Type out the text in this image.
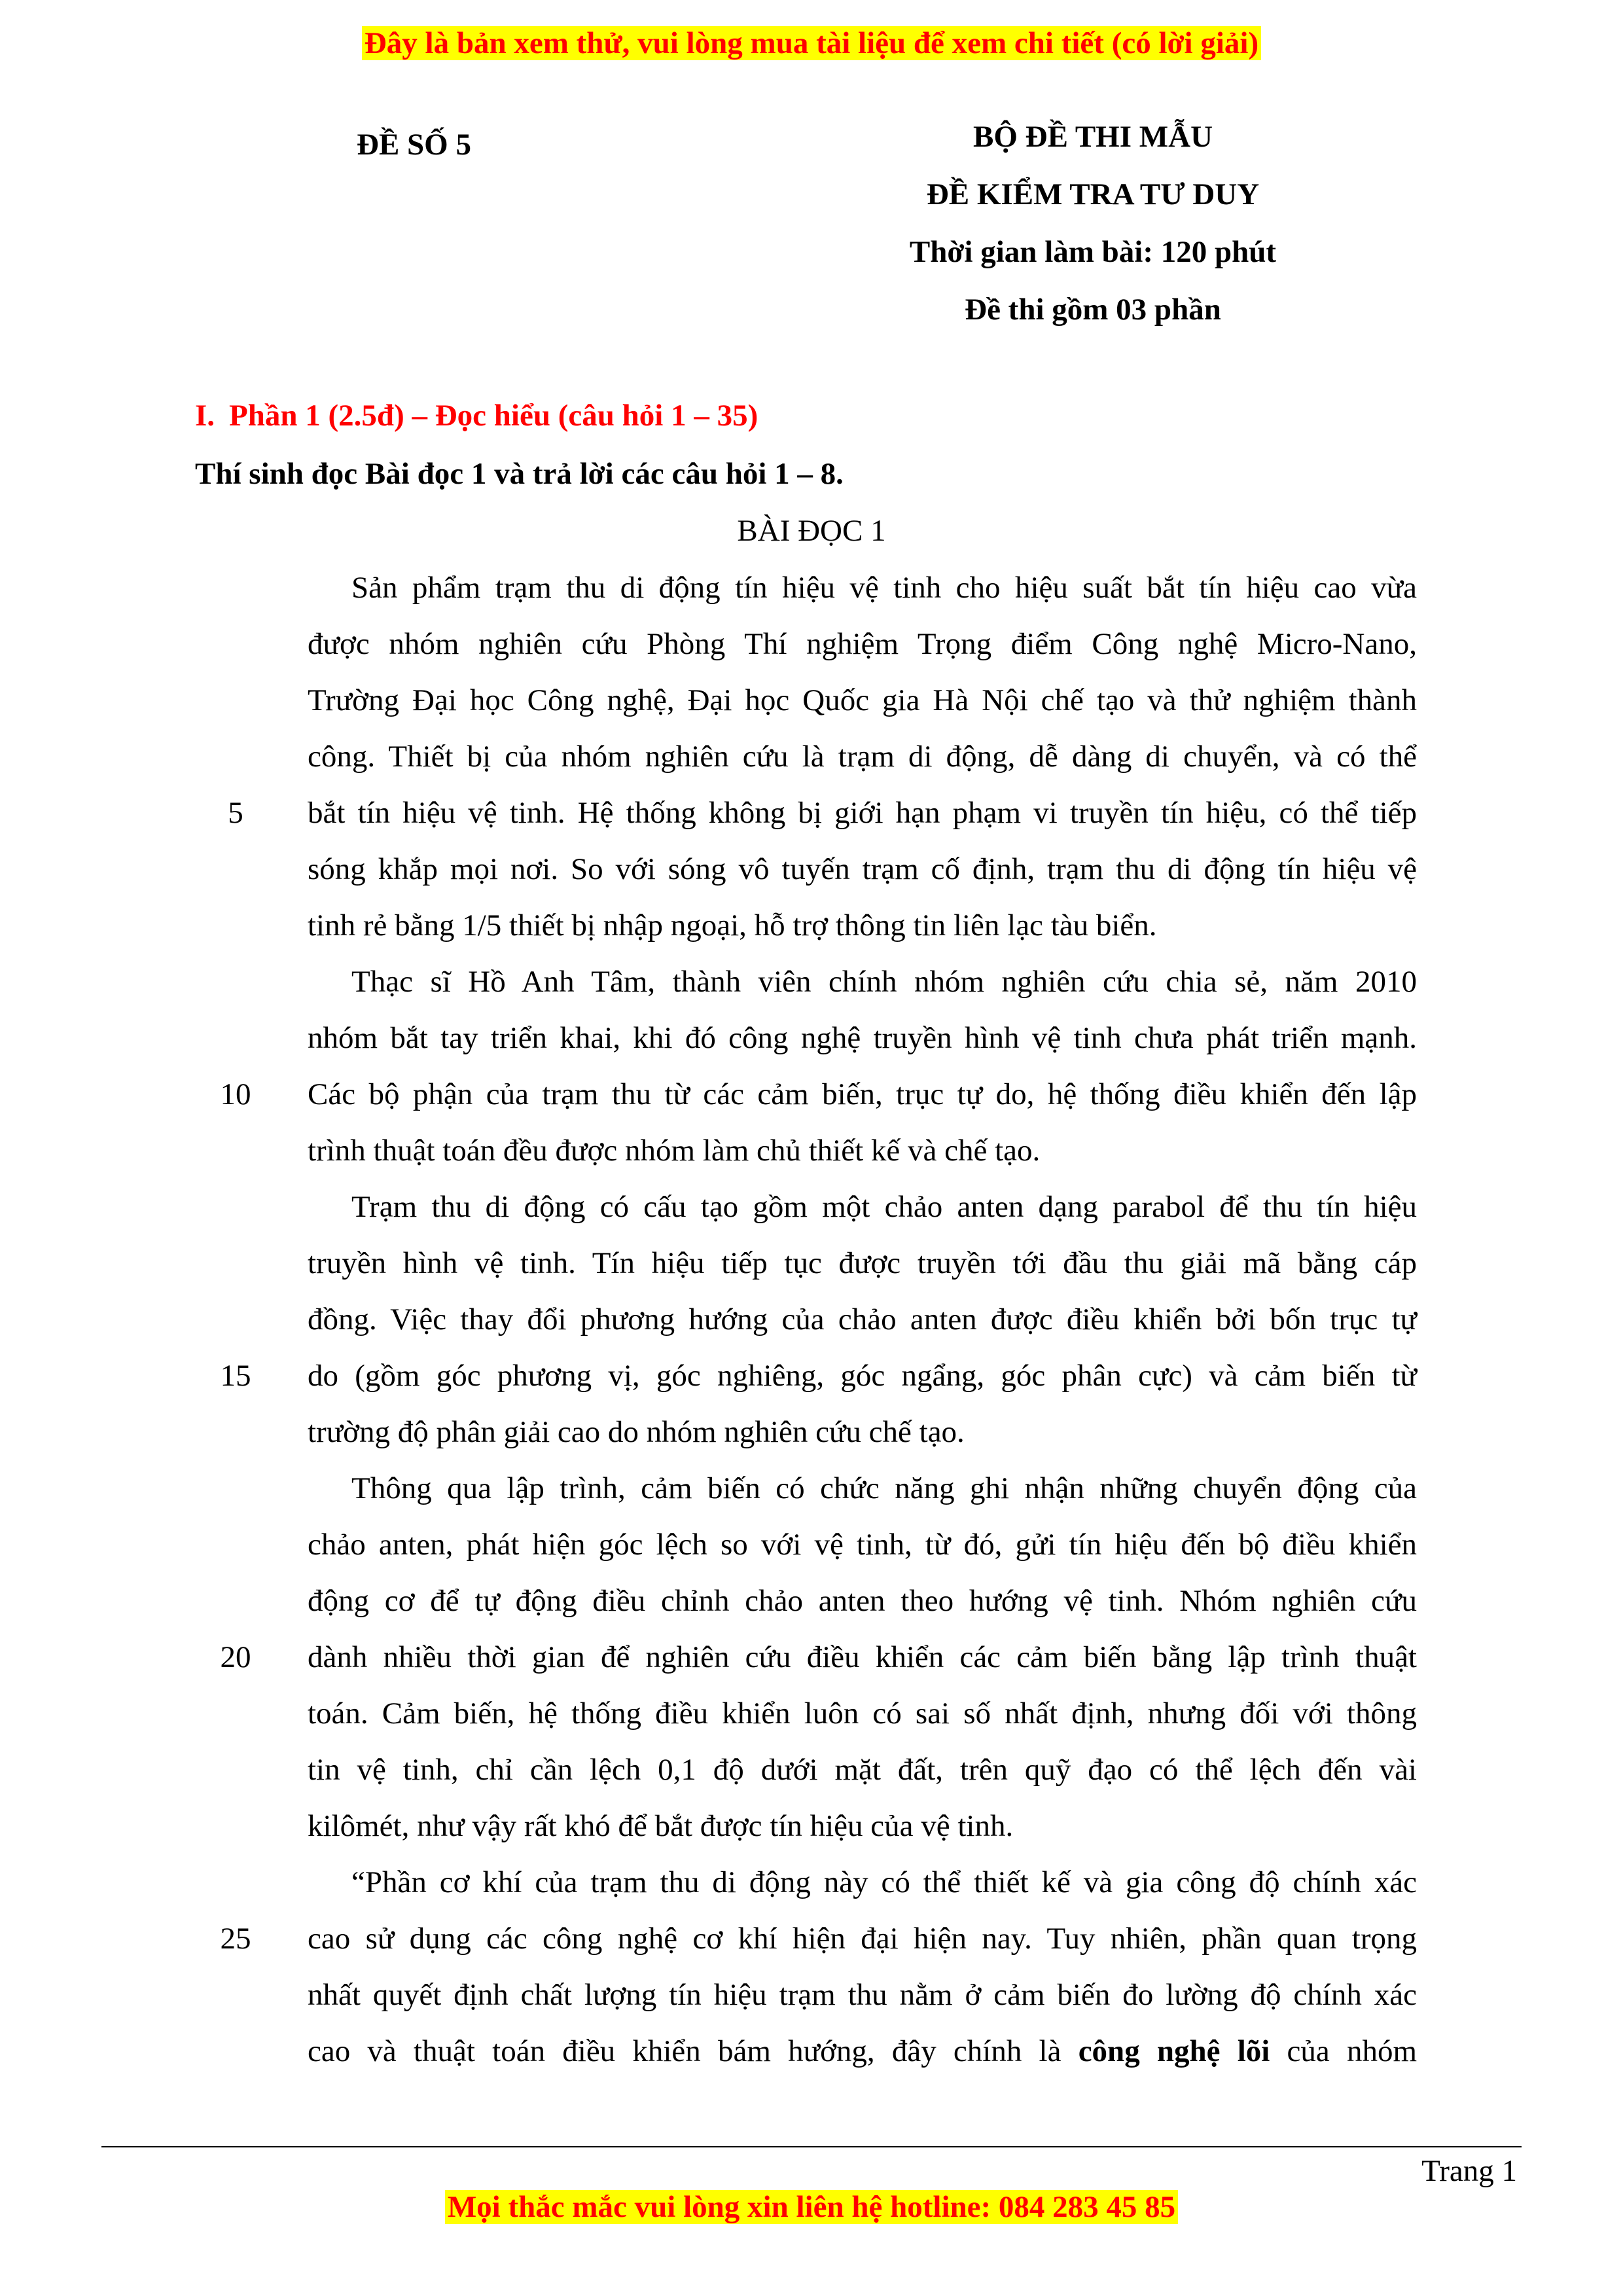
Đây là bản xem thử, vui lòng mua tài liệu để xem chi tiết (có lời giải)
ĐỀ SỐ 5	BỘ ĐỀ THI MẪU
ĐỀ KIỂM TRA TƯ DUY
Thời gian làm bài: 120 phút
Đề thi gồm 03 phần
I. Phần 1 (2.5đ) – Đọc hiểu (câu hỏi 1 – 35)
Thí sinh đọc Bài đọc 1 và trả lời các câu hỏi 1 – 8.
BÀI ĐỌC 1
Sản phẩm trạm thu di động tín hiệu vệ tinh cho hiệu suất bắt tín hiệu cao vừa
được nhóm nghiên cứu Phòng Thí nghiệm Trọng điểm Công nghệ Micro-Nano,
Trường Đại học Công nghệ, Đại học Quốc gia Hà Nội chế tạo và thử nghiệm thành
công. Thiết bị của nhóm nghiên cứu là trạm di động, dễ dàng di chuyển, và có thể
bắt tín hiệu vệ tinh. Hệ thống không bị giới hạn phạm vi truyền tín hiệu, có thể tiếp
sóng khắp mọi nơi. So với sóng vô tuyến trạm cố định, trạm thu di động tín hiệu vệ
tinh rẻ bằng 1/5 thiết bị nhập ngoại, hỗ trợ thông tin liên lạc tàu biển.
Thạc sĩ Hồ Anh Tâm, thành viên chính nhóm nghiên cứu chia sẻ, năm 2010
nhóm bắt tay triển khai, khi đó công nghệ truyền hình vệ tinh chưa phát triển mạnh.
Các bộ phận của trạm thu từ các cảm biến, trục tự do, hệ thống điều khiển đến lập
trình thuật toán đều được nhóm làm chủ thiết kế và chế tạo.
Trạm thu di động có cấu tạo gồm một chảo anten dạng parabol để thu tín hiệu
truyền hình vệ tinh. Tín hiệu tiếp tục được truyền tới đầu thu giải mã bằng cáp
đồng. Việc thay đổi phương hướng của chảo anten được điều khiển bởi bốn trục tự
do (gồm góc phương vị, góc nghiêng, góc ngẩng, góc phân cực) và cảm biến từ
trường độ phân giải cao do nhóm nghiên cứu chế tạo.
Thông qua lập trình, cảm biến có chức năng ghi nhận những chuyển động của
chảo anten, phát hiện góc lệch so với vệ tinh, từ đó, gửi tín hiệu đến bộ điều khiển
động cơ để tự động điều chỉnh chảo anten theo hướng vệ tinh. Nhóm nghiên cứu
dành nhiều thời gian để nghiên cứu điều khiển các cảm biến bằng lập trình thuật
toán. Cảm biến, hệ thống điều khiển luôn có sai số nhất định, nhưng đối với thông
tin vệ tinh, chỉ cần lệch 0,1 độ dưới mặt đất, trên quỹ đạo có thể lệch đến vài
kilômét, như vậy rất khó để bắt được tín hiệu của vệ tinh.
“Phần cơ khí của trạm thu di động này có thể thiết kế và gia công độ chính xác
cao sử dụng các công nghệ cơ khí hiện đại hiện nay. Tuy nhiên, phần quan trọng
nhất quyết định chất lượng tín hiệu trạm thu nằm ở cảm biến đo lường độ chính xác
cao và thuật toán điều khiển bám hướng, đây chính là công nghệ lõi của nhóm
5
10
15
20
25
Trang 1
Mọi thắc mắc vui lòng xin liên hệ hotline: 084 283 45 85
